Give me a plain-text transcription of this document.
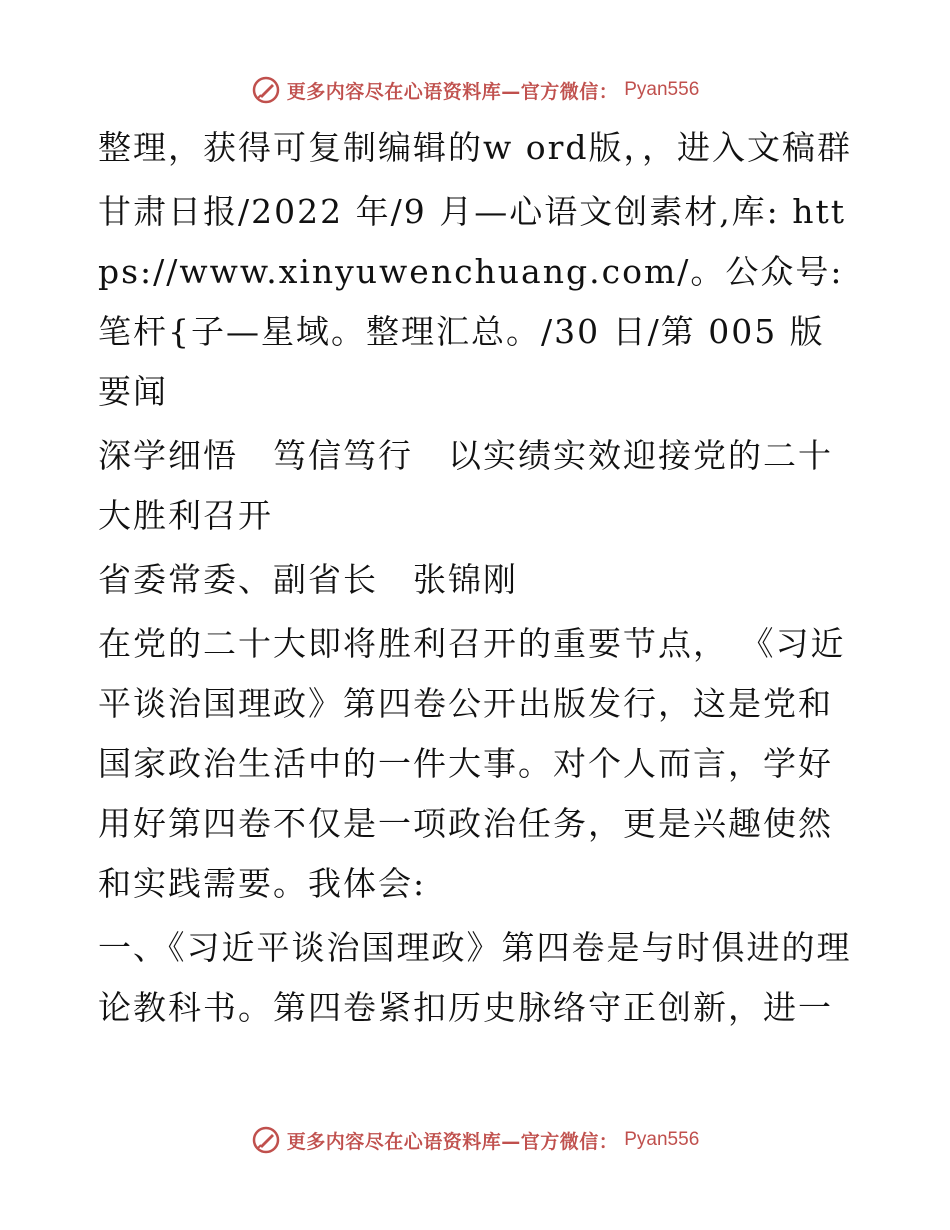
更多内容尽在心语资料库—官方微信： Pyan556

整理，获得可复制编辑的w ord版，，进入文稿群

甘肃日报/2022 年/9 月—心语文创素材,库: https://www.xinyuwenchuang.com/。公众号: 笔杆{子—星域。整理汇总。/30 日/第 005 版要闻

深学细悟　笃信笃行　以实绩实效迎接党的二十大胜利召开

省委常委、副省长　张锦刚

在党的二十大即将胜利召开的重要节点， 《习近平谈治国理政》第四卷公开出版发行，这是党和国家政治生活中的一件大事。对个人而言，学好用好第四卷不仅是一项政治任务，更是兴趣使然和实践需要。我体会:

一、《习近平谈治国理政》第四卷是与时俱进的理论教科书。第四卷紧扣历史脉络守正创新，进一

更多内容尽在心语资料库—官方微信： Pyan556
